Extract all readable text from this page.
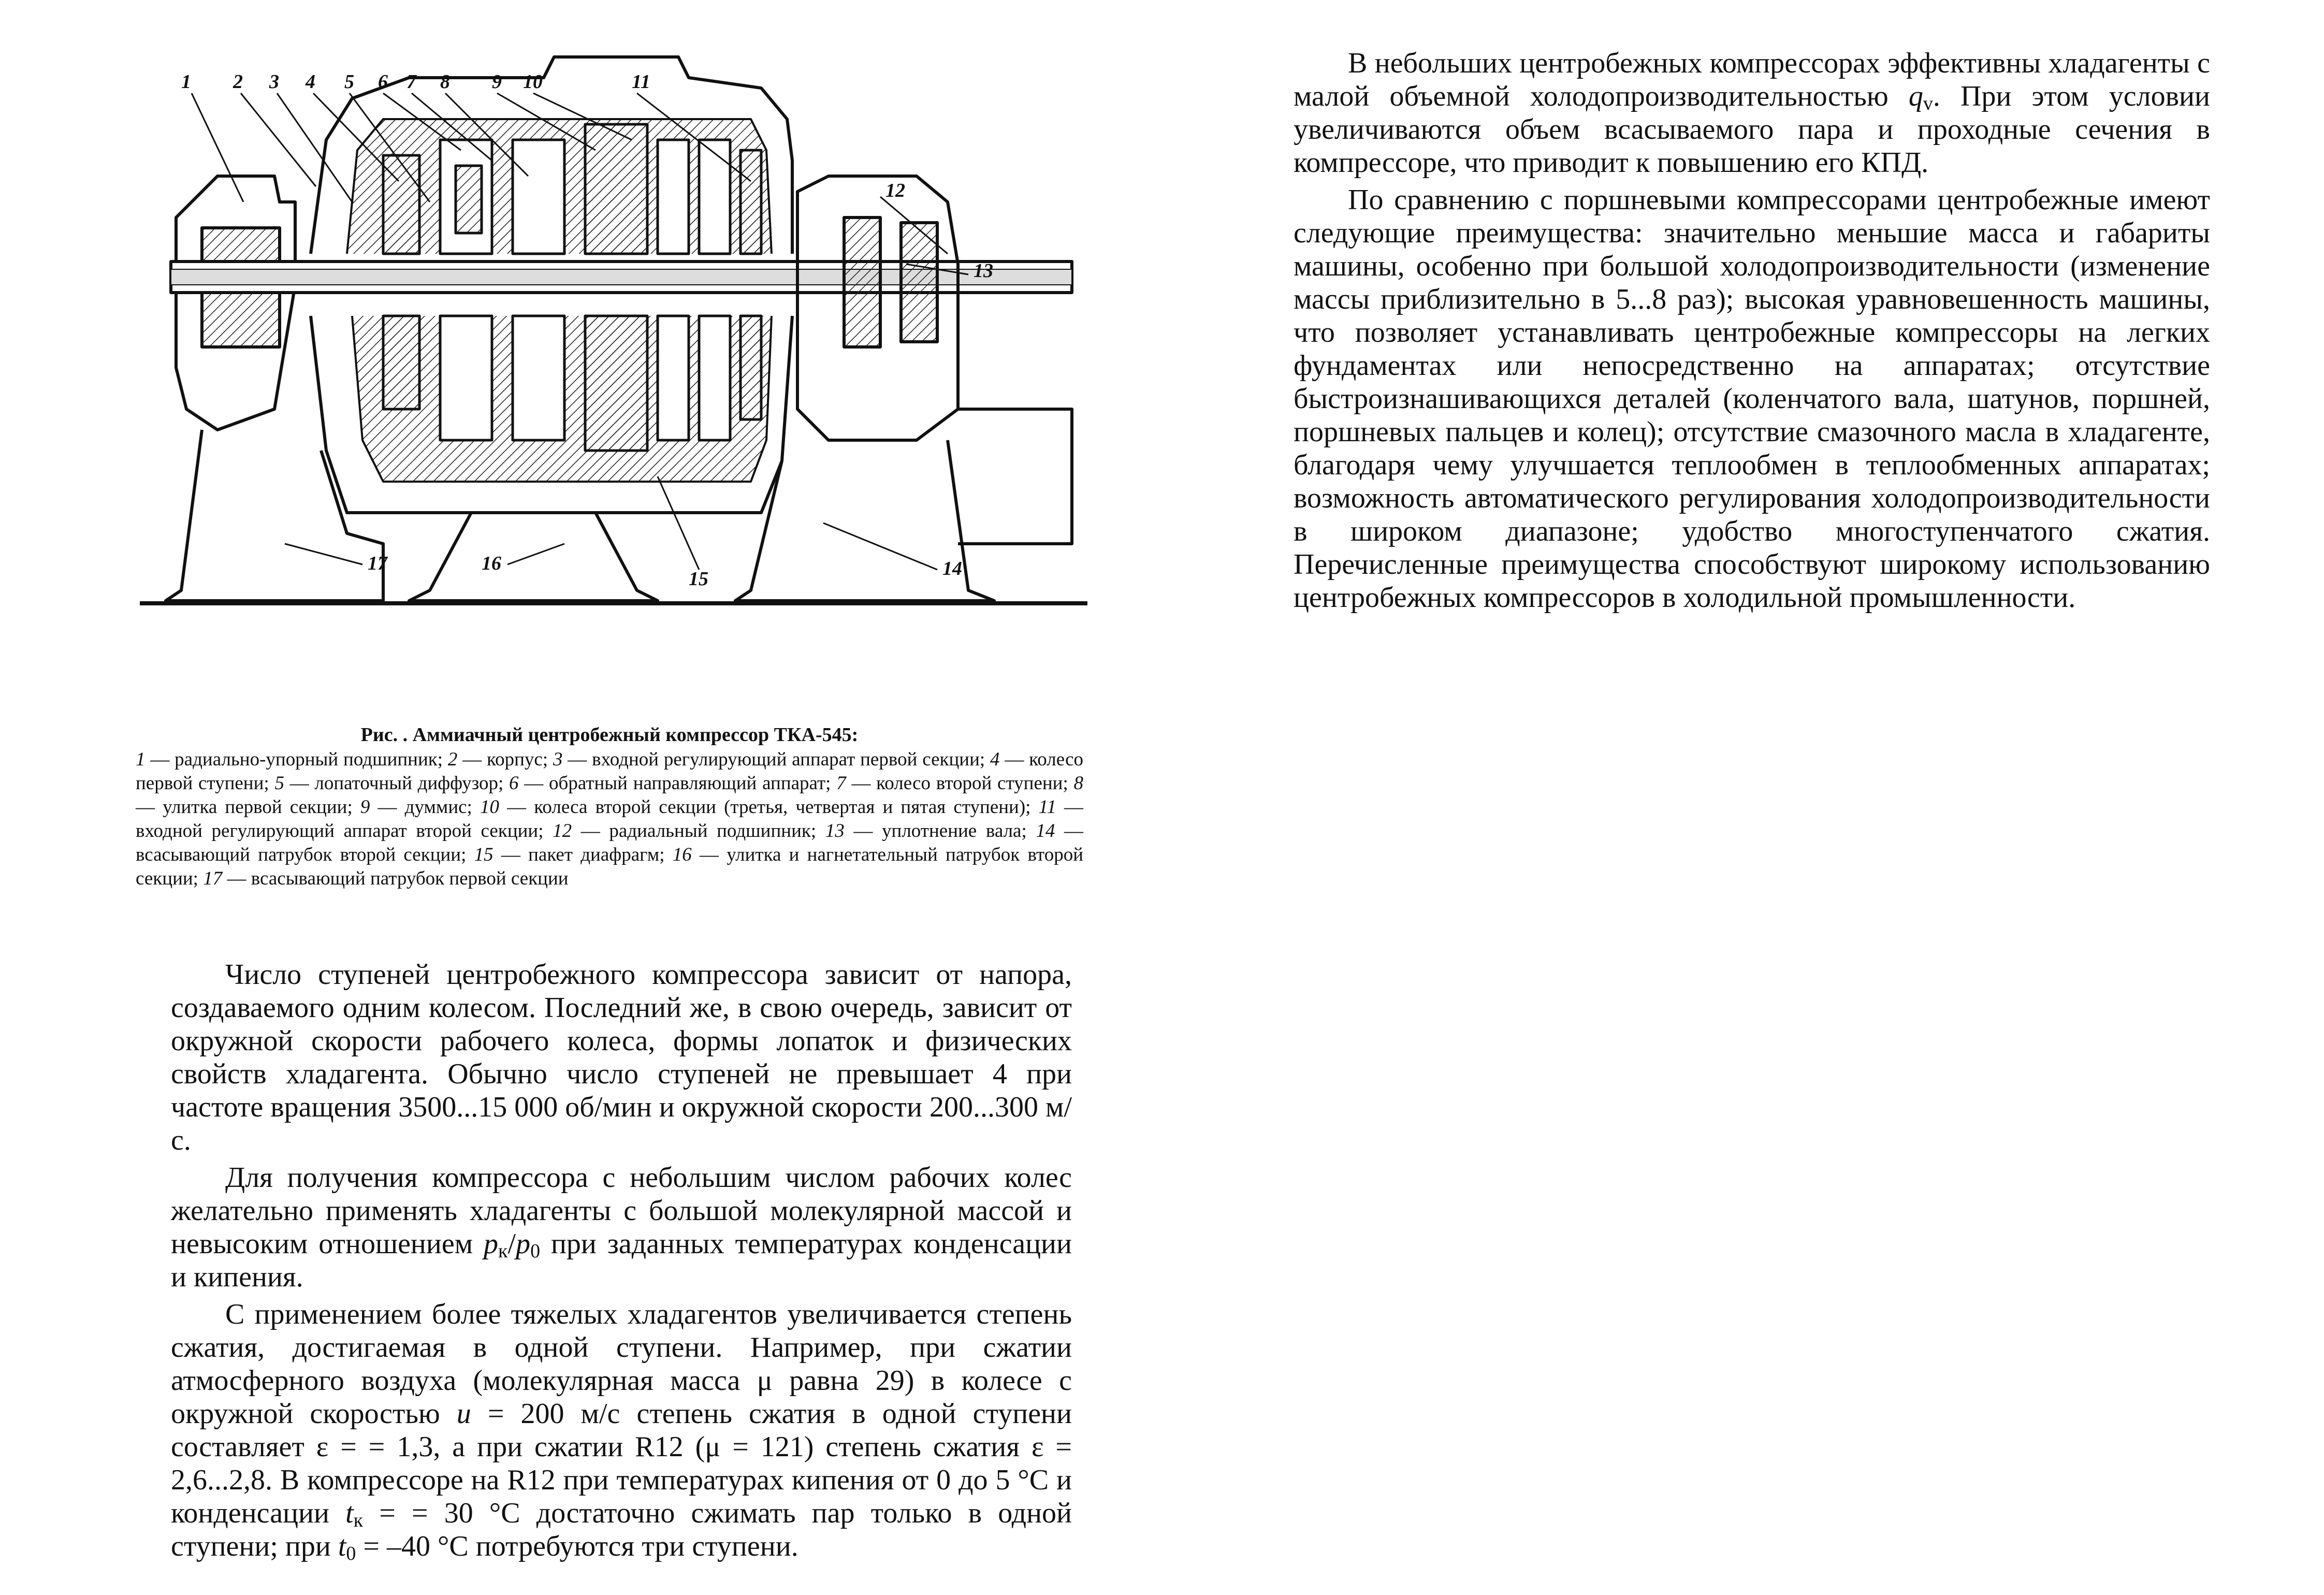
1 2 3 4 5 6 7 8 9 10	11
12
13
14
15
16
17
Рис. . Аммиачный центробежный компрессор ТКА-545:
1 — радиально-упорный подшипник; 2 — корпус; 3 — входной регулирующий аппарат первой секции; 4 — колесо первой ступени; 5 — лопаточный диффузор; 6 — обратный направляющий аппарат; 7 — колесо второй ступени; 8 — улитка первой секции; 9 — думмис; 10 — колеса второй секции (третья, четвертая и пятая ступени); 11 — входной регулирующий аппарат второй секции; 12 — радиальный подшипник; 13 — уплотнение вала; 14 — всасывающий патрубок второй секции; 15 — пакет диафрагм; 16 — улитка и нагнетательный патрубок второй секции; 17 — всасывающий патрубок первой секции

Число ступеней центробежного компрессора зависит от напора, создаваемого одним колесом. Последний же, в свою очередь, зависит от окружной скорости рабочего колеса, формы лопаток и физических свойств хладагента. Обычно число ступеней не превышает 4 при частоте вращения 3500...15 000 об/мин и окружной скорости 200...300 м/с.

Для получения компрессора с небольшим числом рабочих колес желательно применять хладагенты с большой молекулярной массой и невысоким отношением $p_к/p_0$ при заданных температурах конденсации и кипения.

С применением более тяжелых хладагентов увеличивается степень сжатия, достигаемая в одной ступени. Например, при сжатии атмосферного воздуха (молекулярная масса μ равна 29) в колесе с окружной скоростью u = 200 м/с степень сжатия в одной ступени составляет ε = = 1,3, а при сжатии R12 (μ = 121) степень сжатия ε = 2,6...2,8. В компрессоре на R12 при температурах кипения от 0 до 5 °С и конденсации $t_к$ = = 30 °С достаточно сжимать пар только в одной ступени; при $t_0 = -40$ °С потребуются три ступени.

В небольших центробежных компрессорах эффективны хладагенты с малой объемной холодопроизводительностью $q_v$. При этом условии увеличиваются объем всасываемого пара и проходные сечения в компрессоре, что приводит к повышению его КПД.

По сравнению с поршневыми компрессорами центробежные имеют следующие преимущества: значительно меньшие масса и габариты машины, особенно при большой холодопроизводительности (изменение массы приблизительно в 5...8 раз); высокая уравновешенность машины, что позволяет устанавливать центробежные компрессоры на легких фундаментах или непосредственно на аппаратах; отсутствие быстроизнашивающихся деталей (коленчатого вала, шатунов, поршней, поршневых пальцев и колец); отсутствие смазочного масла в хладагенте, благодаря чему улучшается теплообмен в теплообменных аппаратах; возможность автоматического регулирования холодопроизводительности в широком диапазоне; удобство многоступенчатого сжатия. Перечисленные преимущества способствуют широкому использованию центробежных компрессоров в холодильной промышленности.
